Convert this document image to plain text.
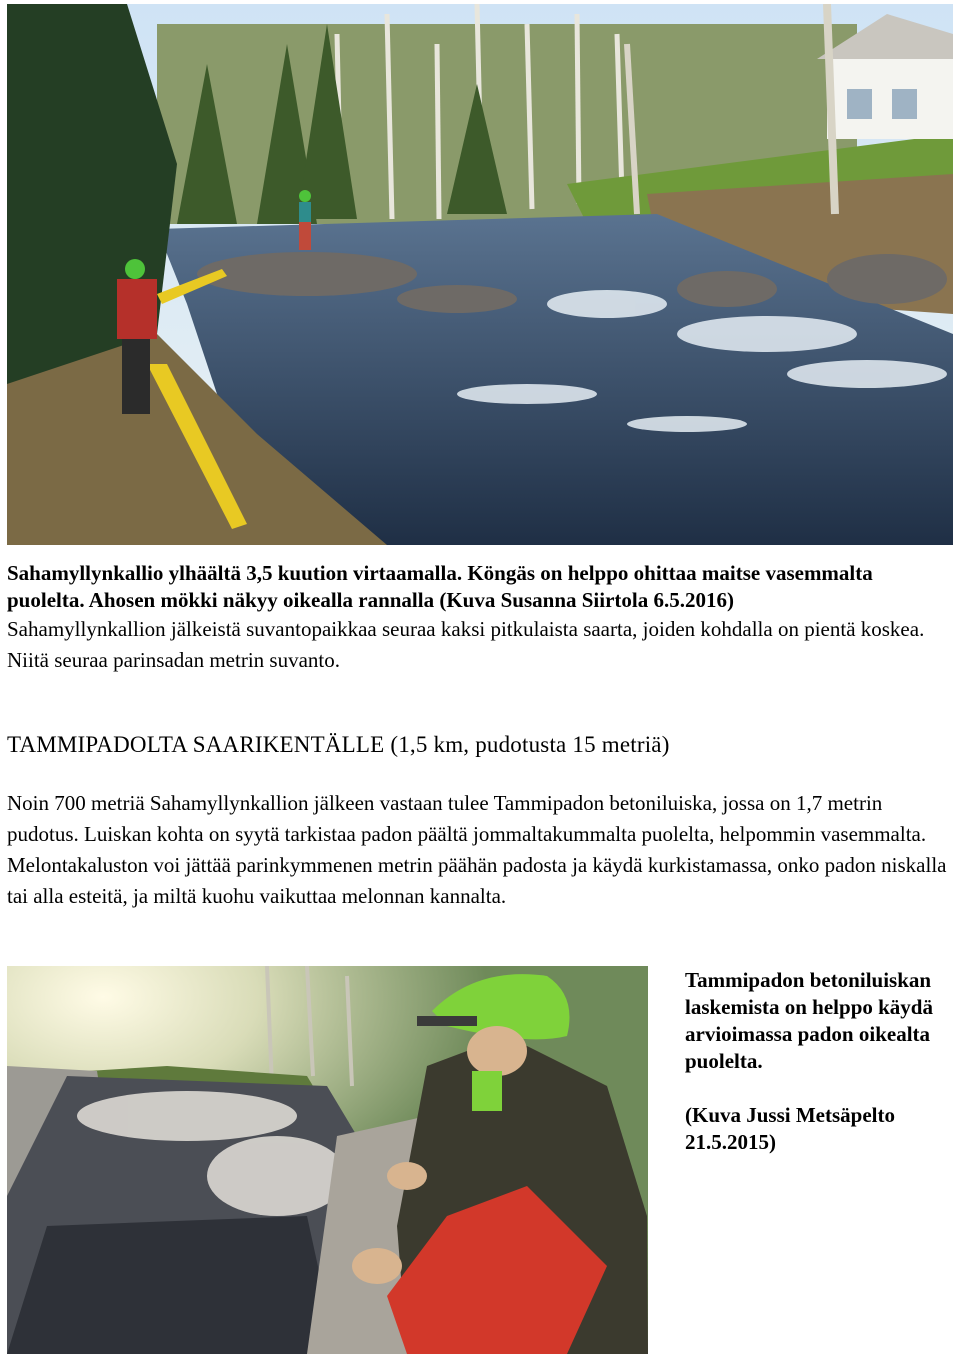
Sahamyllynkallio ylhäältä 3,5 kuution virtaamalla. Köngäs on helppo ohittaa maitse vasemmalta puolelta. Ahosen mökki näkyy oikealla rannalla (Kuva Susanna Siirtola 6.5.2016)

Sahamyllynkallion jälkeistä suvantopaikkaa seuraa kaksi pitkulaista saarta, joiden kohdalla on pientä koskea. Niitä seuraa parinsadan metrin suvanto.

TAMMIPADOLTA SAARIKENTÄLLE (1,5 km, pudotusta 15 metriä)

Noin 700 metriä Sahamyllynkallion jälkeen vastaan tulee Tammipadon betoniluiska, jossa on 1,7 metrin pudotus. Luiskan kohta on syytä tarkistaa padon päältä jommaltakummalta puolelta, helpommin vasemmalta. Melontakaluston voi jättää parinkymmenen metrin päähän padosta ja käydä kurkistamassa, onko padon niskalla tai alla esteitä, ja miltä kuohu vaikuttaa melonnan kannalta.

Tammipadon betoniluiskan laskemista on helppo käydä arvioimassa padon oikealta puolelta.

(Kuva Jussi Metsäpelto 21.5.2015)
